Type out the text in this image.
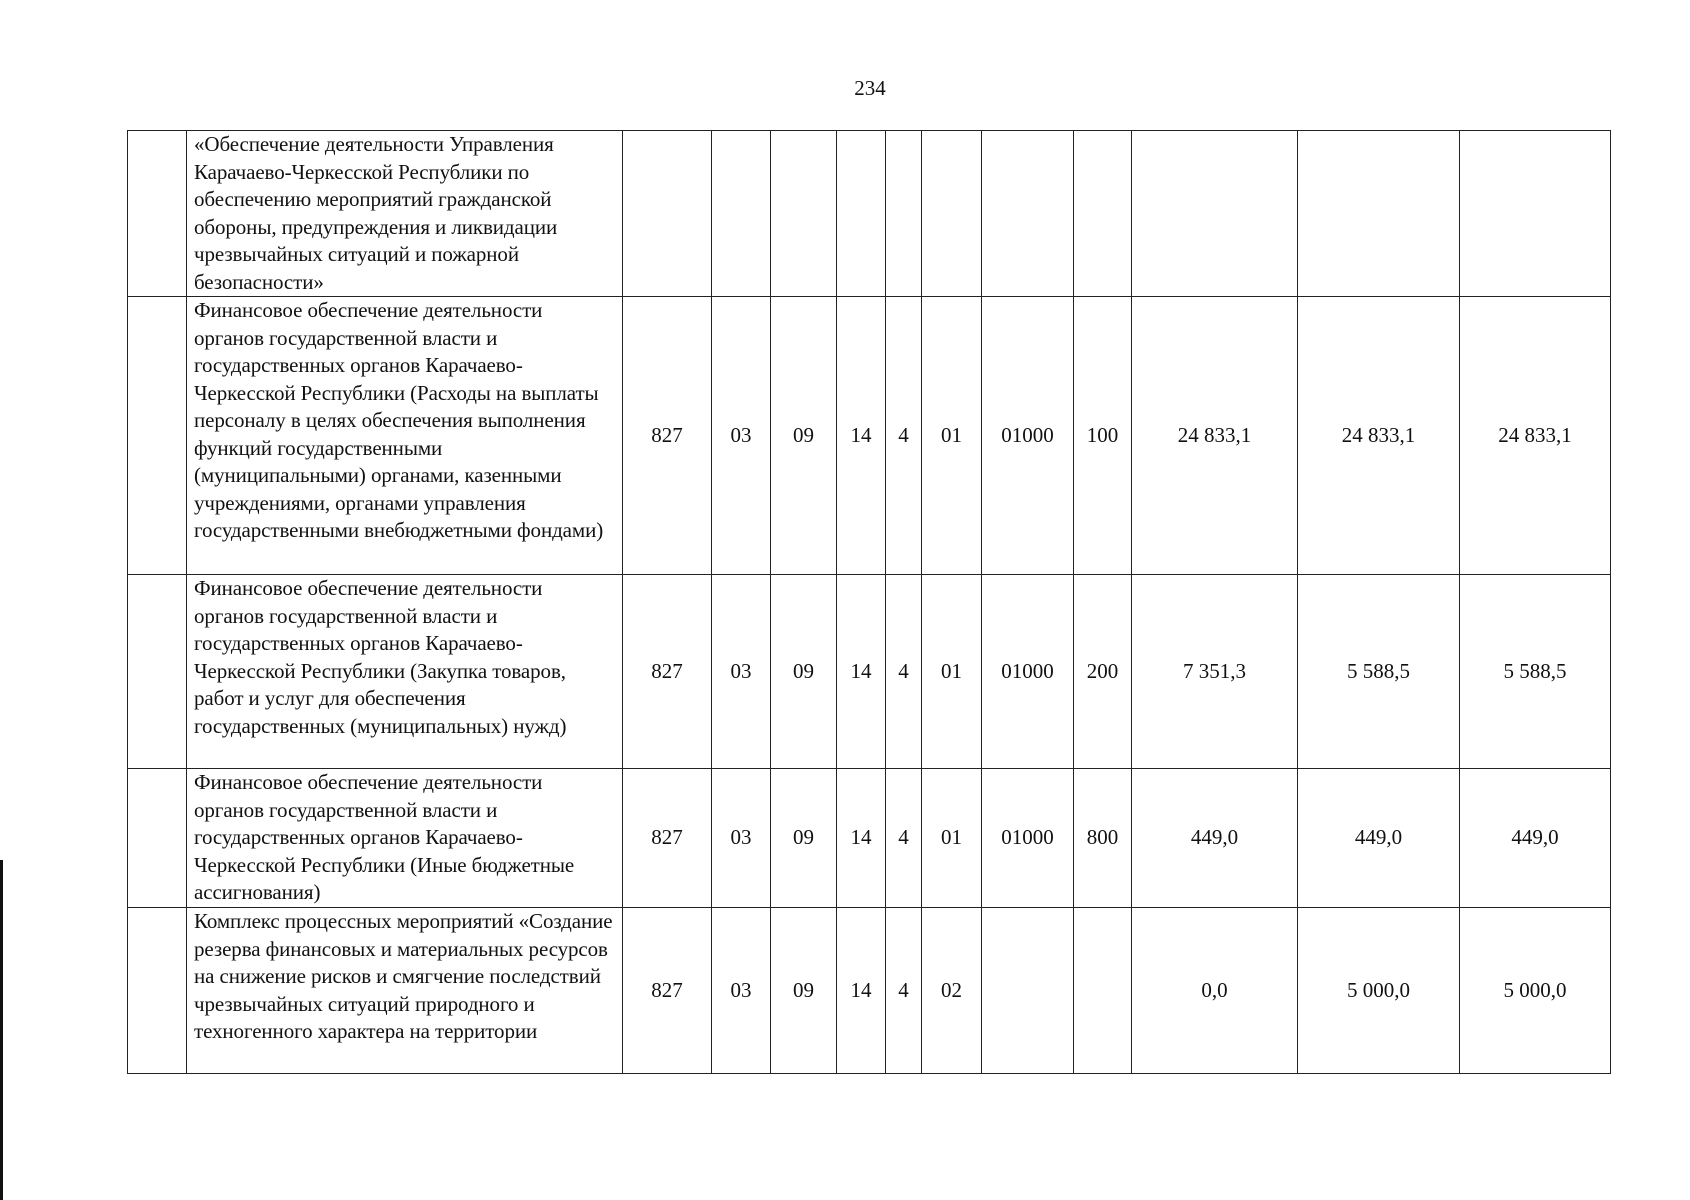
234
	«Обеспечение деятельности Управления Карачаево-Черкесской Республики по обеспечению мероприятий гражданской обороны, предупреждения и ликвидации чрезвычайных ситуаций и пожарной безопасности»											
	Финансовое обеспечение деятельности органов государственной власти и государственных органов Карачаево-Черкесской Республики (Расходы на выплаты персоналу в целях обеспечения выполнения функций государственными (муниципальными) органами, казенными учреждениями, органами управления государственными внебюджетными фондами)	827	03	09	14	4	01	01000	100	24 833,1	24 833,1	24 833,1
	Финансовое обеспечение деятельности органов государственной власти и государственных органов Карачаево-Черкесской Республики (Закупка товаров, работ и услуг для обеспечения государственных (муниципальных) нужд)	827	03	09	14	4	01	01000	200	7 351,3	5 588,5	5 588,5
	Финансовое обеспечение деятельности органов государственной власти и государственных органов Карачаево-Черкесской Республики (Иные бюджетные ассигнования)	827	03	09	14	4	01	01000	800	449,0	449,0	449,0
	Комплекс процессных мероприятий «Создание резерва финансовых и материальных ресурсов на снижение рисков и смягчение последствий чрезвычайных ситуаций природного и техногенного характера на территории	827	03	09	14	4	02			0,0	5 000,0	5 000,0
